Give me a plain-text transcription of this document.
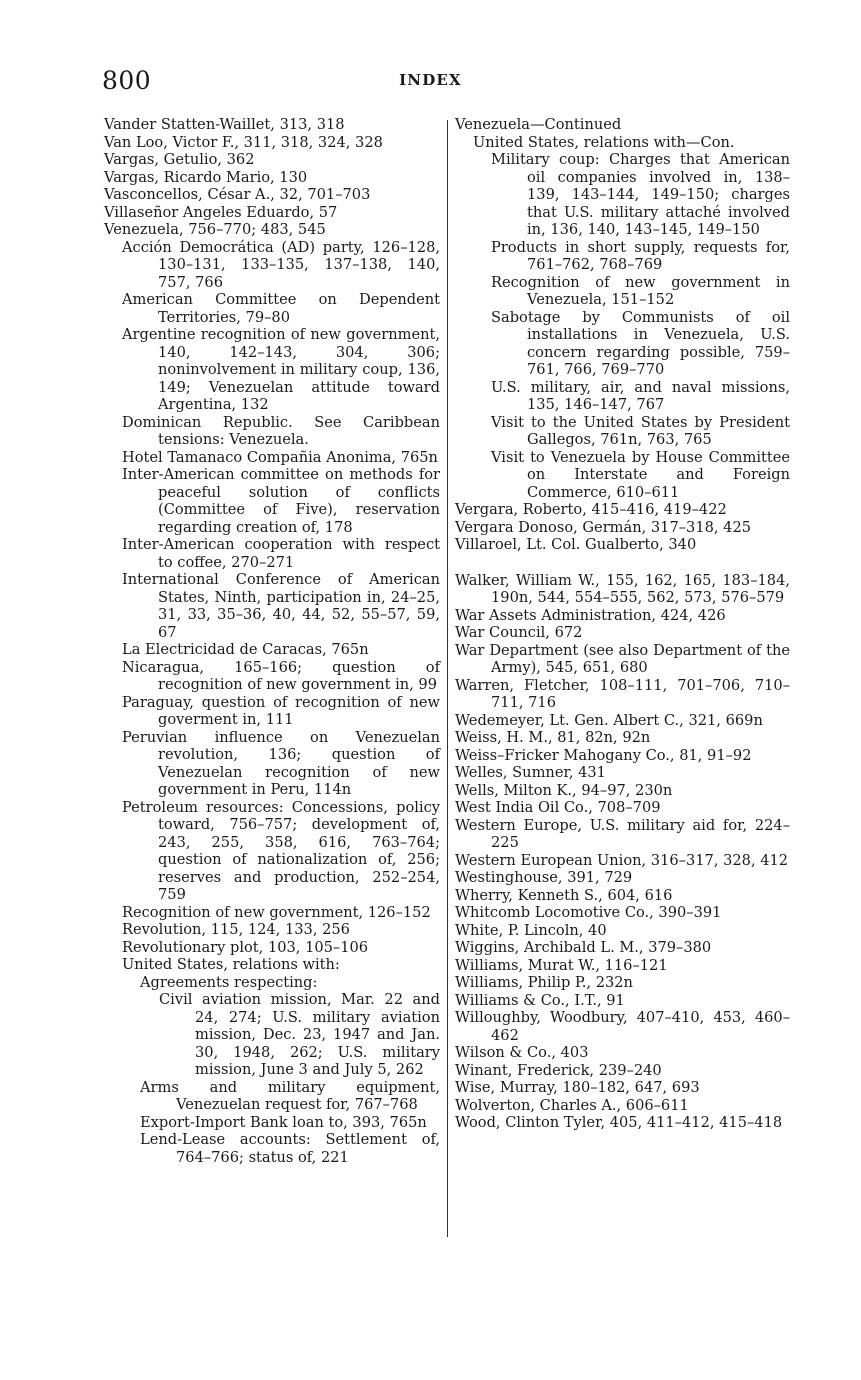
800	INDEX
Vander Statten-Waillet, 313, 318
Van Loo, Victor F., 311, 318, 324, 328
Vargas, Getulio, 362
Vargas, Ricardo Mario, 130
Vasconcellos, César A., 32, 701–703
Villaseñor Angeles Eduardo, 57
Venezuela, 756–770; 483, 545
Acción Democrática (AD) party, 126–128, 130–131, 133–135, 137–138, 140, 757, 766
American Committee on Dependent Territories, 79–80
Argentine recognition of new government, 140, 142–143, 304, 306; noninvolvement in military coup, 136, 149; Venezuelan attitude toward Argentina, 132
Dominican Republic. See Caribbean tensions: Venezuela.
Hotel Tamanaco Compañia Anonima, 765n
Inter-American committee on methods for peaceful solution of conflicts (Committee of Five), reservation regarding creation of, 178
Inter-American cooperation with respect to coffee, 270–271
International Conference of American States, Ninth, participation in, 24–25, 31, 33, 35–36, 40, 44, 52, 55–57, 59, 67
La Electricidad de Caracas, 765n
Nicaragua, 165–166; question of recognition of new government in, 99
Paraguay, question of recognition of new goverment in, 111
Peruvian influence on Venezuelan revolution, 136; question of Venezuelan recognition of new government in Peru, 114n
Petroleum resources: Concessions, policy toward, 756–757; development of, 243, 255, 358, 616, 763–764; question of nationalization of, 256; reserves and production, 252–254, 759
Recognition of new government, 126–152
Revolution, 115, 124, 133, 256
Revolutionary plot, 103, 105–106
United States, relations with:
Agreements respecting:
Civil aviation mission, Mar. 22 and 24, 274; U.S. military aviation mission, Dec. 23, 1947 and Jan. 30, 1948, 262; U.S. military mission, June 3 and July 5, 262
Arms and military equipment, Venezuelan request for, 767–768
Export-Import Bank loan to, 393, 765n
Lend-Lease accounts: Settlement of, 764–766; status of, 221
Venezuela—Continued
United States, relations with—Con.
Military coup: Charges that American oil companies involved in, 138–139, 143–144, 149–150; charges that U.S. military attaché involved in, 136, 140, 143–145, 149–150
Products in short supply, requests for, 761–762, 768–769
Recognition of new government in Venezuela, 151–152
Sabotage by Communists of oil installations in Venezuela, U.S. concern regarding possible, 759–761, 766, 769–770
U.S. military, air, and naval missions, 135, 146–147, 767
Visit to the United States by President Gallegos, 761n, 763, 765
Visit to Venezuela by House Committee on Interstate and Foreign Commerce, 610–611
Vergara, Roberto, 415–416, 419–422
Vergara Donoso, Germán, 317–318, 425
Villaroel, Lt. Col. Gualberto, 340
Walker, William W., 155, 162, 165, 183–184, 190n, 544, 554–555, 562, 573, 576–579
War Assets Administration, 424, 426
War Council, 672
War Department (see also Department of the Army), 545, 651, 680
Warren, Fletcher, 108–111, 701–706, 710–711, 716
Wedemeyer, Lt. Gen. Albert C., 321, 669n
Weiss, H. M., 81, 82n, 92n
Weiss–Fricker Mahogany Co., 81, 91–92
Welles, Sumner, 431
Wells, Milton K., 94–97, 230n
West India Oil Co., 708–709
Western Europe, U.S. military aid for, 224–225
Western European Union, 316–317, 328, 412
Westinghouse, 391, 729
Wherry, Kenneth S., 604, 616
Whitcomb Locomotive Co., 390–391
White, P. Lincoln, 40
Wiggins, Archibald L. M., 379–380
Williams, Murat W., 116–121
Williams, Philip P., 232n
Williams & Co., I.T., 91
Willoughby, Woodbury, 407–410, 453, 460–462
Wilson & Co., 403
Winant, Frederick, 239–240
Wise, Murray, 180–182, 647, 693
Wolverton, Charles A., 606–611
Wood, Clinton Tyler, 405, 411–412, 415–418
